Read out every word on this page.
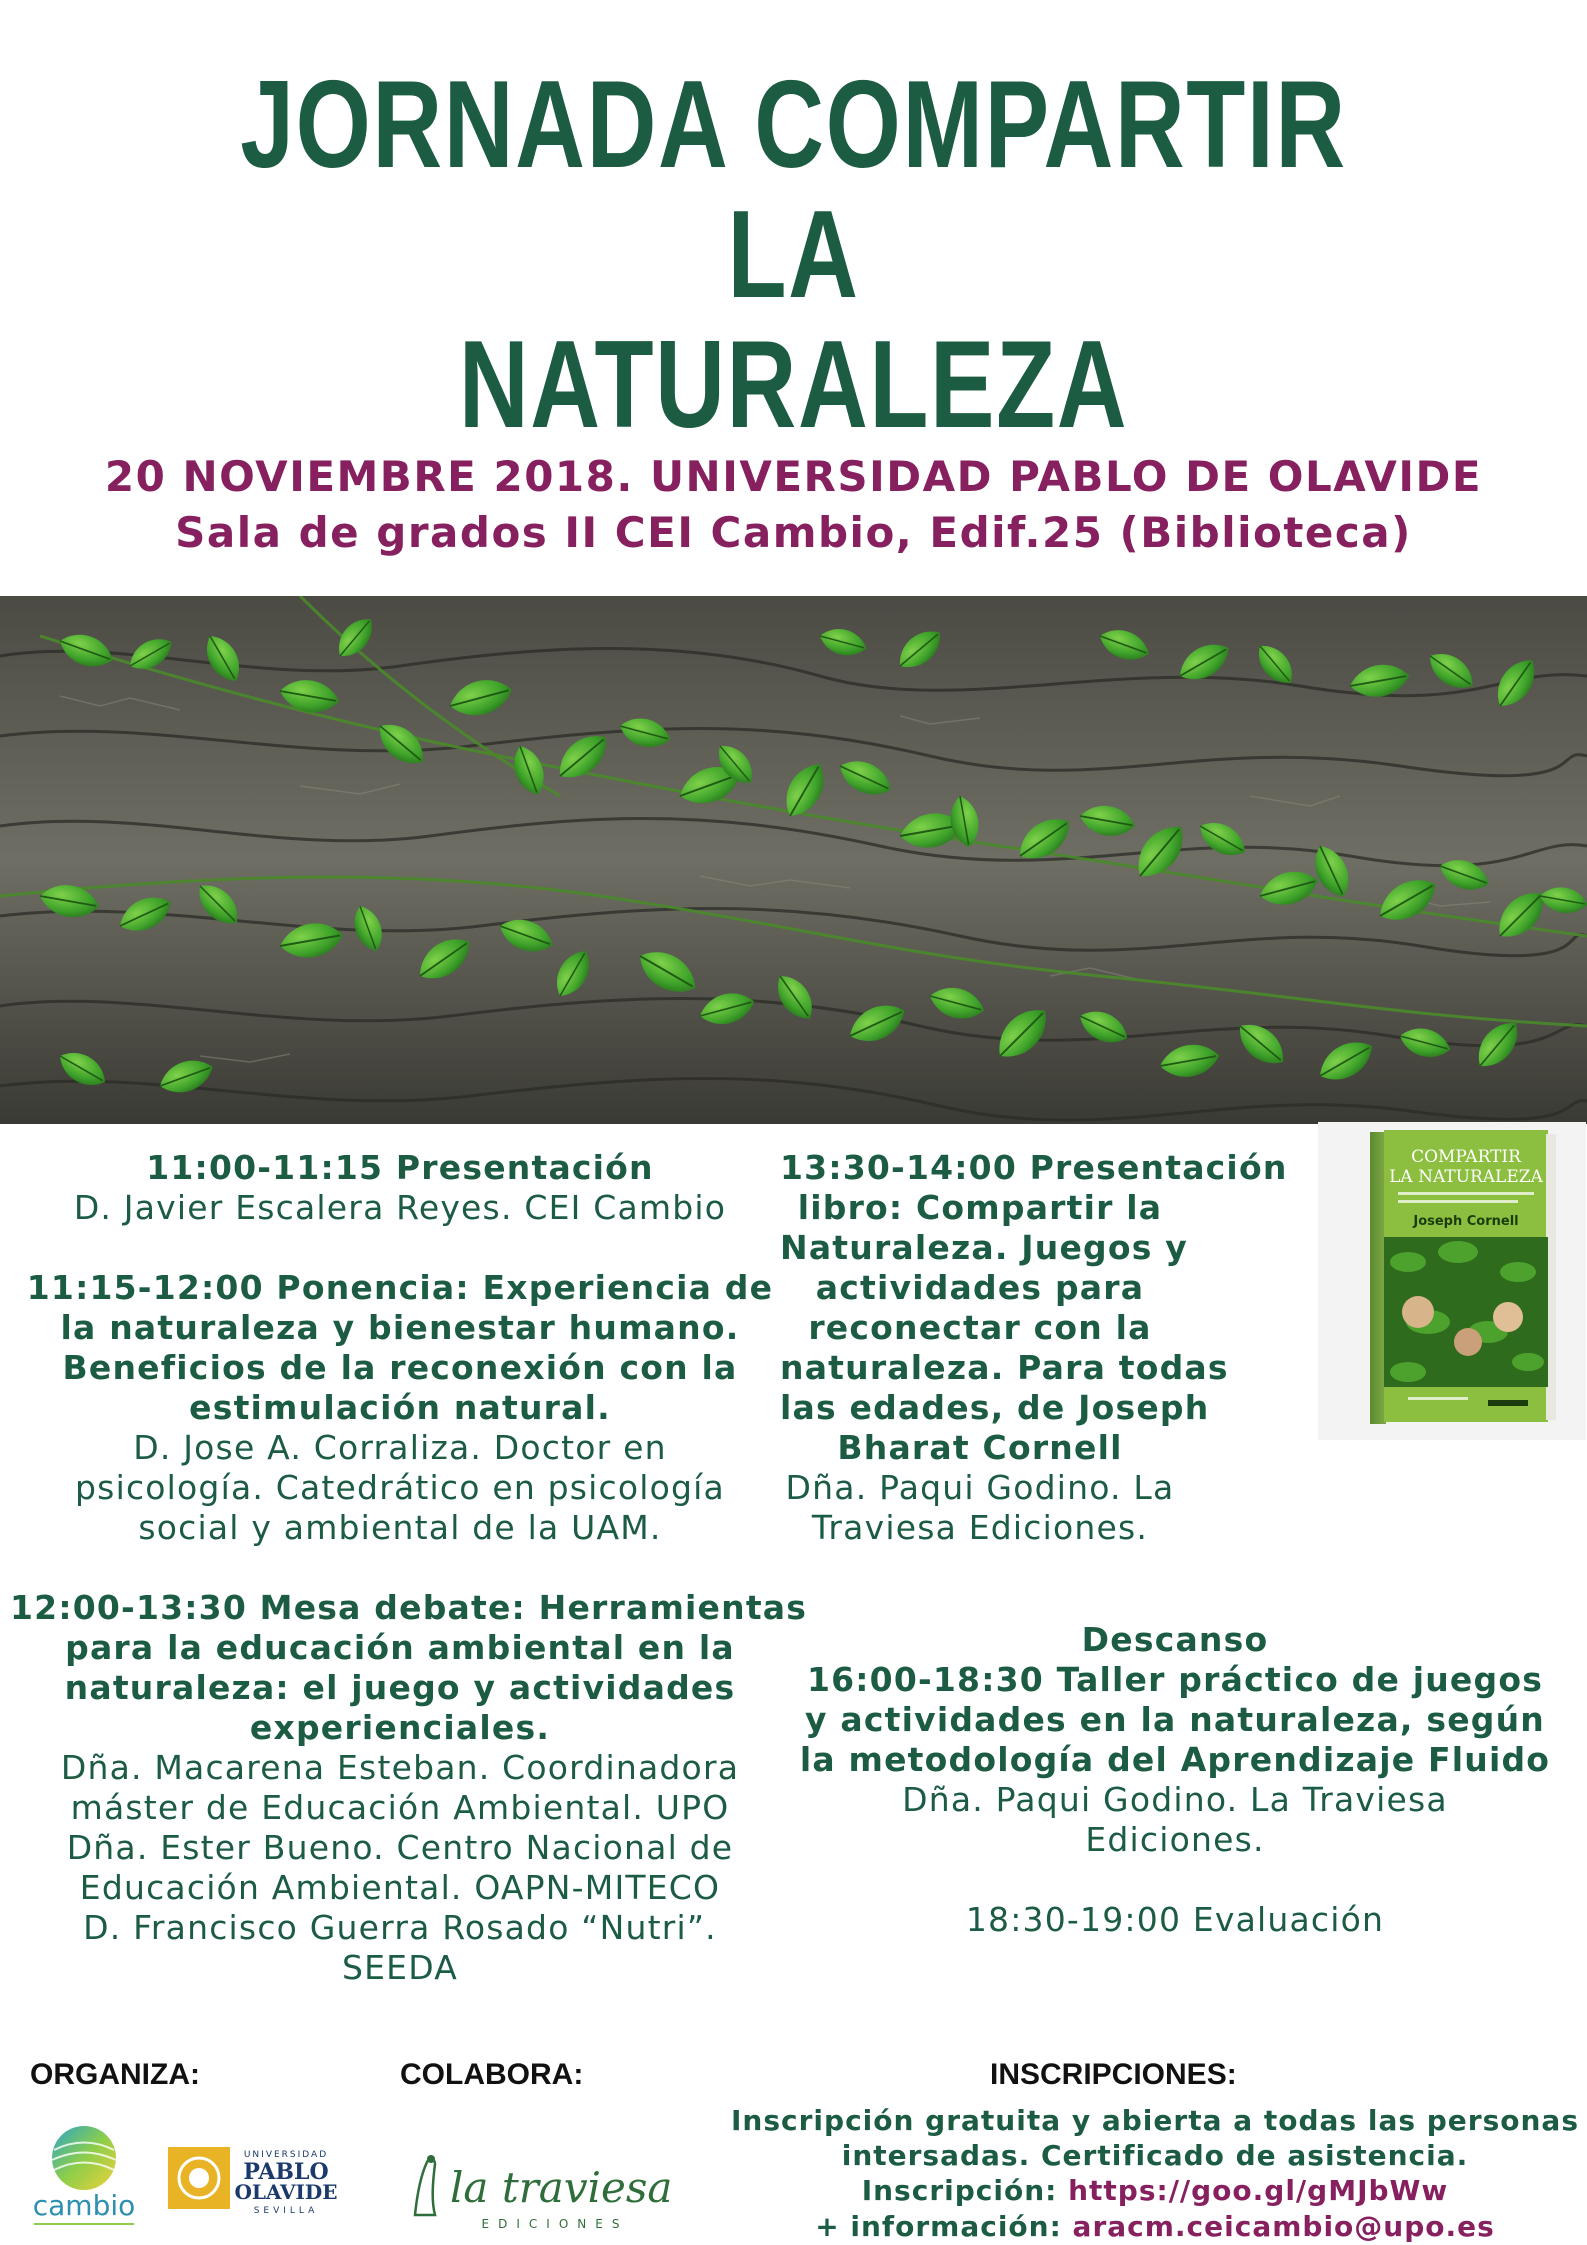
JORNADA COMPARTIR LA
NATURALEZA
20 NOVIEMBRE 2018. UNIVERSIDAD PABLO DE OLAVIDE
Sala de grados II CEI Cambio, Edif.25 (Biblioteca)
11:00-11:15 Presentación
D. Javier Escalera Reyes. CEI Cambio
11:15-12:00 Ponencia: Experiencia de
la naturaleza y bienestar humano.
Beneficios de la reconexión con la
estimulación natural.
D. Jose A. Corraliza. Doctor en
psicología. Catedrático en psicología
social y ambiental de la UAM.
12:00-13:30 Mesa debate: Herramientas
para la educación ambiental en la
naturaleza: el juego y actividades
experienciales.
Dña. Macarena Esteban. Coordinadora
máster de Educación Ambiental. UPO
Dña. Ester Bueno. Centro Nacional de
Educación Ambiental. OAPN-MITECO
D. Francisco Guerra Rosado “Nutri”.
SEEDA
13:30-14:00 Presentación
libro: Compartir la
Naturaleza. Juegos y
actividades para
reconectar con la
naturaleza. Para todas
las edades, de Joseph
Bharat Cornell
Dña. Paqui Godino. La
Traviesa Ediciones.
Descanso
16:00-18:30 Taller práctico de juegos
y actividades en la naturaleza, según
la metodología del Aprendizaje Fluido
Dña. Paqui Godino. La Traviesa
Ediciones.
18:30-19:00 Evaluación
COMPARTIR
LA NATURALEZA
Joseph Cornell
ORGANIZA:	COLABORA:	INSCRIPCIONES:
Inscripción gratuita y abierta a todas las personas
intersadas. Certificado de asistencia.
Inscripción: https://goo.gl/gMJbWw
+ información: aracm.ceicambio@upo.es
cambio
UNIVERSIDAD
PABLO
OLAVIDE
SEVILLA	la traviesa
EDICIONES
